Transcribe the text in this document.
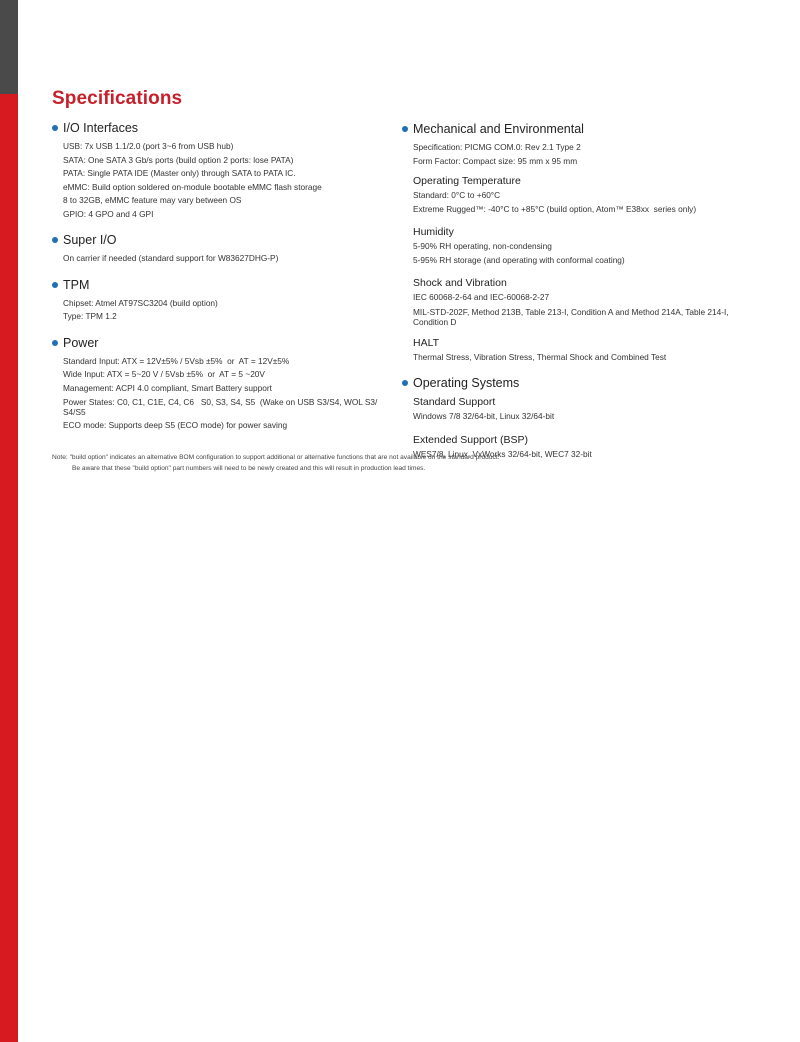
Specifications
I/O Interfaces
USB: 7x USB 1.1/2.0 (port 3~6 from USB hub)
SATA: One SATA 3 Gb/s ports (build option 2 ports: lose PATA)
PATA: Single PATA IDE (Master only) through SATA to PATA IC.
eMMC: Build option soldered on-module bootable eMMC flash storage
8 to 32GB, eMMC feature may vary between OS
GPIO: 4 GPO and 4 GPI
Super I/O
On carrier if needed (standard support for W83627DHG-P)
TPM
Chipset: Atmel AT97SC3204 (build option)
Type: TPM 1.2
Power
Standard Input: ATX = 12V±5% / 5Vsb ±5%  or  AT = 12V±5%
Wide Input: ATX = 5~20 V / 5Vsb ±5%  or  AT = 5 ~20V
Management: ACPI 4.0 compliant, Smart Battery support
Power States: C0, C1, C1E, C4, C6   S0, S3, S4, S5  (Wake on USB S3/S4, WOL S3/ S4/S5
ECO mode: Supports deep S5 (ECO mode) for power saving
Mechanical and Environmental
Specification: PICMG COM.0: Rev 2.1 Type 2
Form Factor: Compact size: 95 mm x 95 mm
Operating Temperature
Standard: 0°C to +60°C
Extreme Rugged™: -40°C to +85°C (build option, Atom™ E38xx  series only)
Humidity
5-90% RH operating, non-condensing
5-95% RH storage (and operating with conformal coating)
Shock and Vibration
IEC 60068-2-64 and IEC-60068-2-27
MIL-STD-202F, Method 213B, Table 213-I, Condition A and Method 214A, Table 214-I, Condition D
HALT
Thermal Stress, Vibration Stress, Thermal Shock and Combined Test
Operating Systems
Standard Support
Windows 7/8 32/64-bit, Linux 32/64-bit
Extended Support (BSP)
WES7/8, Linux, VxWorks 32/64-bit, WEC7 32-bit
Note: "build option" indicates an alternative BOM configuration to support additional or alternative functions that are not available on the standard product.
Be aware that these "build option" part numbers will need to be newly created and this will result in production lead times.
